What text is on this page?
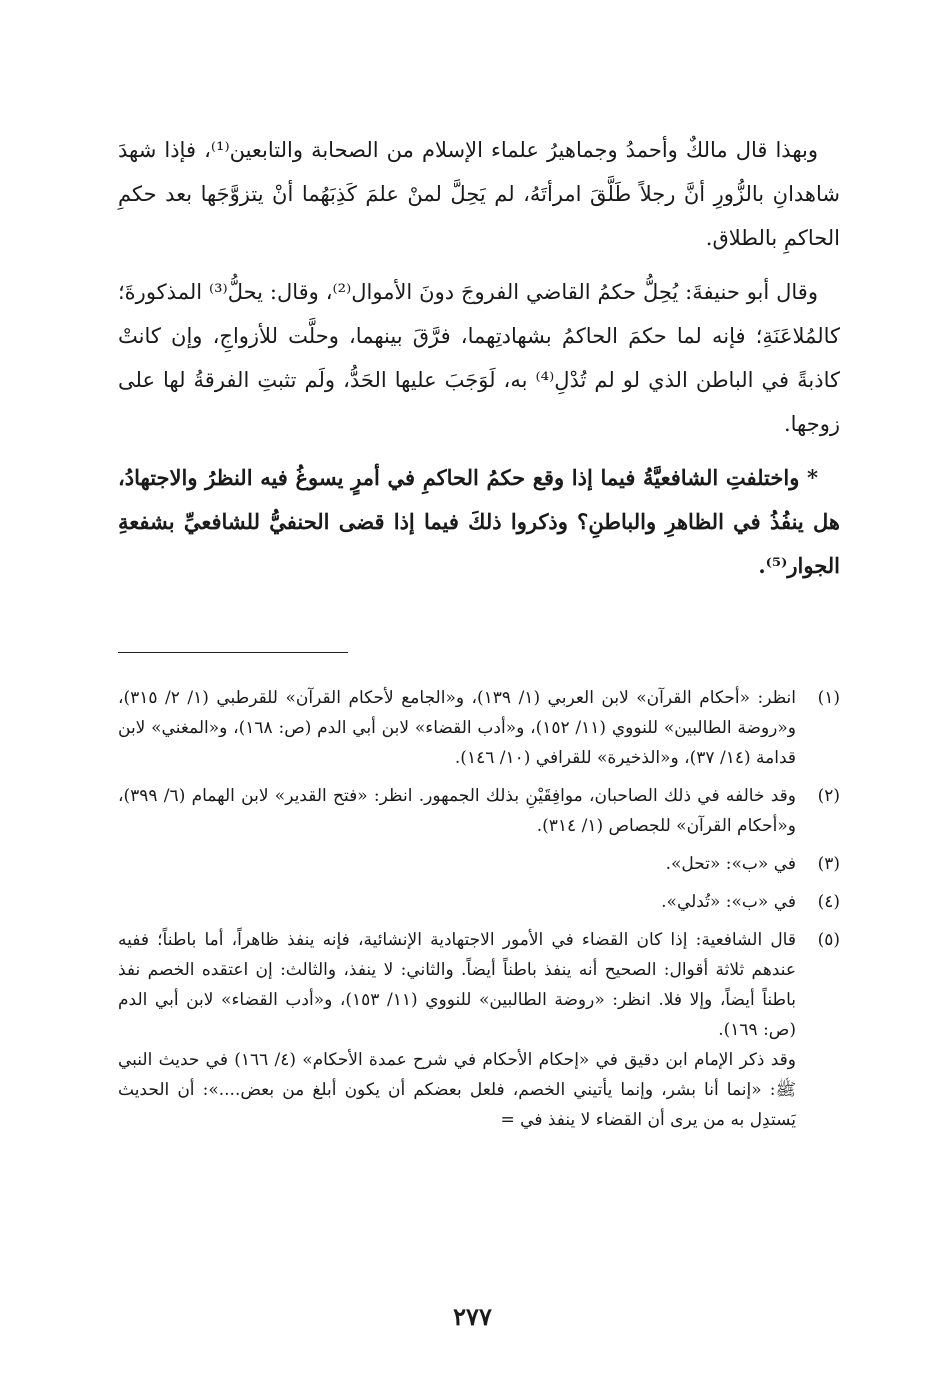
وبهذا قال مالكٌ وأحمدُ وجماهيرُ علماء الإسلام من الصحابة والتابعين⁽¹⁾، فإذا شهدَ شاهدانِ بالزُّورِ أنَّ رجلاً طَلَّقَ امرأتَهُ، لم يَحِلَّ لمنْ علمَ كَذِبَهُما أنْ يتزوَّجَها بعد حكمِ الحاكمِ بالطلاق.

وقال أبو حنيفةَ: يُحِلُّ حكمُ القاضي الفروجَ دونَ الأموال⁽²⁾، وقال: يحلُّ⁽³⁾ المذكورةَ؛ كالمُلاعَنَةِ؛ فإنه لما حكمَ الحاكمُ بشهادتِهما، فرَّقَ بينهما، وحلَّت للأزواجِ، وإن كانتْ كاذبةً في الباطن الذي لو لم تُدْلِ⁽⁴⁾ به، لَوَجَبَ عليها الحَدُّ، ولَم تثبتِ الفرقةُ لها على زوجها.

* واختلفتِ الشافعيَّةُ فيما إذا وقع حكمُ الحاكمِ في أمرٍ يسوغُ فيه النظرُ والاجتهادُ، هل ينفُذُ في الظاهرِ والباطنِ؟ وذكروا ذلكَ فيما إذا قضى الحنفيُّ للشافعيِّ بشفعةِ الجوار⁽⁵⁾.

(١)

انظر: «أحكام القرآن» لابن العربي (١/ ١٣٩)، و«الجامع لأحكام القرآن» للقرطبي (١/ ٢/ ٣١٥)، و«روضة الطالبين» للنووي (١١/ ١٥٢)، و«أدب القضاء» لابن أبي الدم (ص: ١٦٨)، و«المغني» لابن قدامة (١٤/ ٣٧)، و«الذخيرة» للقرافي (١٠/ ١٤٦).

(٢)

وقد خالفه في ذلك الصاحبان، موافِقَيْنِ بذلك الجمهور. انظر: «فتح القدير» لابن الهمام (٦/ ٣٩٩)، و«أحكام القرآن» للجصاص (١/ ٣١٤).

(٣)

في «ب»: «تحل».

(٤)

في «ب»: «تُدلي».

(٥)

قال الشافعية: إذا كان القضاء في الأمور الاجتهادية الإنشائية، فإنه ينفذ ظاهراً، أما باطناً؛ ففيه عندهم ثلاثة أقوال: الصحيح أنه ينفذ باطناً أيضاً. والثاني: لا ينفذ، والثالث: إن اعتقده الخصم نفذ باطناً أيضاً، وإلا فلا. انظر: «روضة الطالبين» للنووي (١١/ ١٥٣)، و«أدب القضاء» لابن أبي الدم (ص: ١٦٩).

وقد ذكر الإمام ابن دقيق في «إحكام الأحكام في شرح عمدة الأحكام» (٤/ ١٦٦) في حديث النبي ﷺ: «إنما أنا بشر، وإنما يأتيني الخصم، فلعل بعضكم أن يكون أبلغ من بعض....»: أن الحديث يَستدِل به من يرى أن القضاء لا ينفذ في =

٢٧٧
